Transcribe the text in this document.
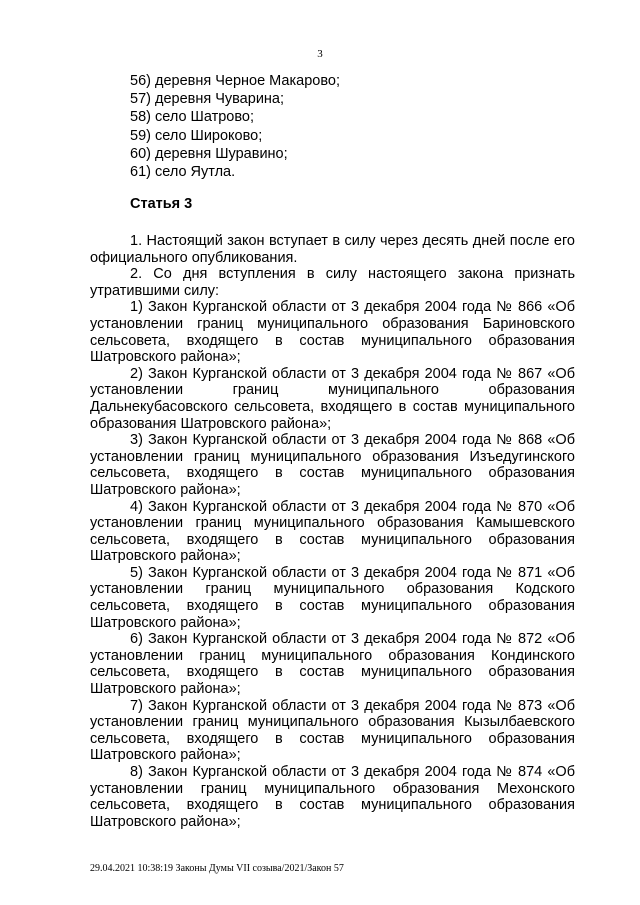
3
56) деревня Черное Макарово;
57) деревня Чуварина;
58) село Шатрово;
59) село Широково;
60) деревня Шуравино;
61) село Яутла.
Статья 3

1. Настоящий закон вступает в силу через десять дней после его официального опубликования.

2. Со дня вступления в силу настоящего закона признать утратившими силу:

1) Закон Курганской области от 3 декабря 2004 года № 866 «Об установлении границ муниципального образования Бариновского сельсовета, входящего в состав муниципального образования Шатровского района»;

2) Закон Курганской области от 3 декабря 2004 года № 867 «Об установлении границ муниципального образования Дальнекубасовского сельсовета, входящего в состав муниципального образования Шатровского района»;

3) Закон Курганской области от 3 декабря 2004 года № 868 «Об установлении границ муниципального образования Изъедугинского сельсовета, входящего в состав муниципального образования Шатровского района»;

4) Закон Курганской области от 3 декабря 2004 года № 870 «Об установлении границ муниципального образования Камышевского сельсовета, входящего в состав муниципального образования Шатровского района»;

5) Закон Курганской области от 3 декабря 2004 года № 871 «Об установлении границ муниципального образования Кодского сельсовета, входящего в состав муниципального образования Шатровского района»;

6) Закон Курганской области от 3 декабря 2004 года № 872 «Об установлении границ муниципального образования Кондинского сельсовета, входящего в состав муниципального образования Шатровского района»;

7) Закон Курганской области от 3 декабря 2004 года № 873 «Об установлении границ муниципального образования Кызылбаевского сельсовета, входящего в состав муниципального образования Шатровского района»;

8) Закон Курганской области от 3 декабря 2004 года № 874 «Об установлении границ муниципального образования Мехонского сельсовета, входящего в состав муниципального образования Шатровского района»;

29.04.2021 10:38:19 Законы Думы VII созыва/2021/Закон 57
